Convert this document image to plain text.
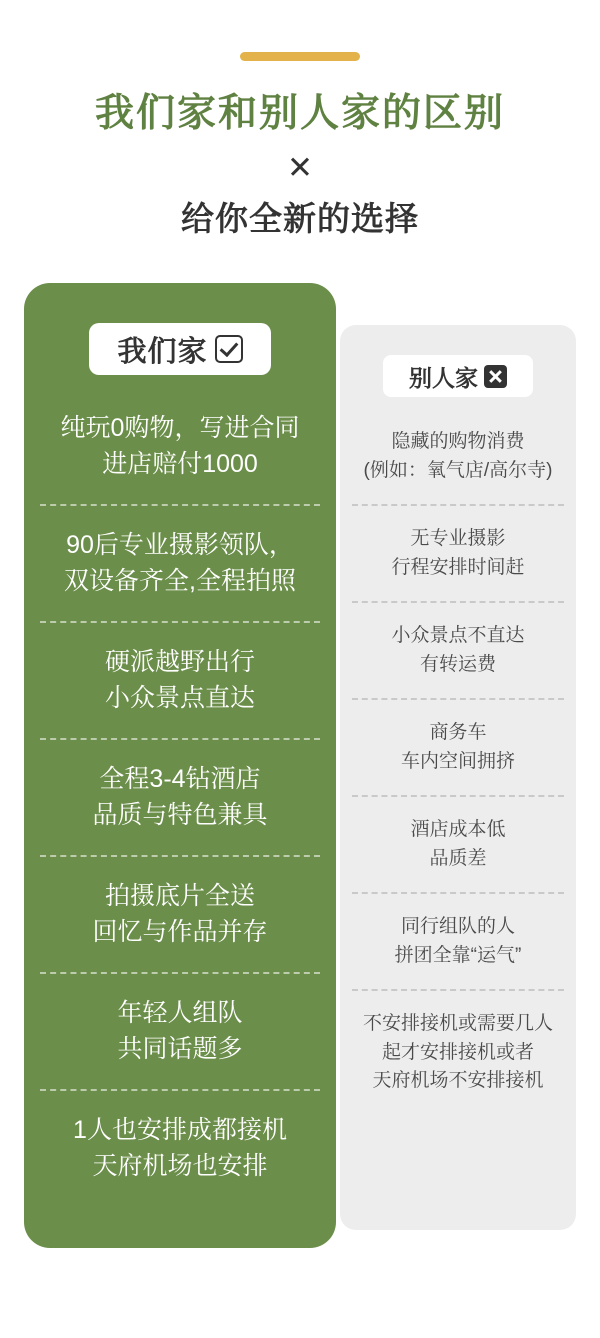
我们家和别人家的区别
✕
给你全新的选择
我们家
纯玩0购物，写进合同
进店赔付1000
90后专业摄影领队，
双设备齐全,全程拍照
硬派越野出行
小众景点直达
全程3-4钻酒店
品质与特色兼具
拍摄底片全送
回忆与作品并存
年轻人组队
共同话题多
1人也安排成都接机
天府机场也安排
别人家
隐藏的购物消费
(例如：氧气店/高尔寺)
无专业摄影
行程安排时间赶
小众景点不直达
有转运费
商务车
车内空间拥挤
酒店成本低
品质差
同行组队的人
拼团全靠“运气”
不安排接机或需要几人
起才安排接机或者
天府机场不安排接机
